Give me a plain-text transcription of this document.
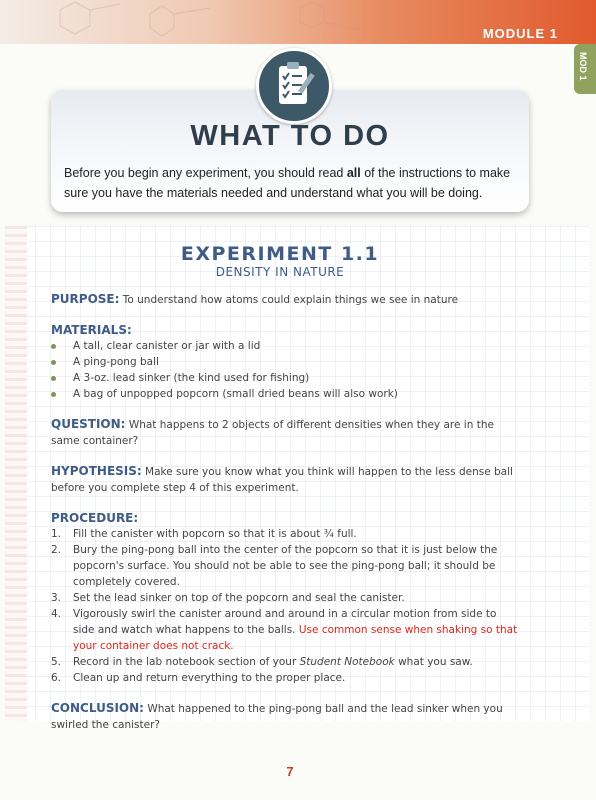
MODULE 1
MOD 1
WHAT TO DO
Before you begin any experiment, you should read all of the instructions to make sure you have the materials needed and understand what you will be doing.
EXPERIMENT 1.1
DENSITY IN NATURE
PURPOSE: To understand how atoms could explain things we see in nature
MATERIALS:
A tall, clear canister or jar with a lid
A ping-pong ball
A 3-oz. lead sinker (the kind used for fishing)
A bag of unpopped popcorn (small dried beans will also work)
QUESTION: What happens to 2 objects of different densities when they are in the same container?
HYPOTHESIS: Make sure you know what you think will happen to the less dense ball before you complete step 4 of this experiment.
PROCEDURE:
1. Fill the canister with popcorn so that it is about ¾ full.
2. Bury the ping-pong ball into the center of the popcorn so that it is just below the popcorn's surface. You should not be able to see the ping-pong ball; it should be completely covered.
3. Set the lead sinker on top of the popcorn and seal the canister.
4. Vigorously swirl the canister around and around in a circular motion from side to side and watch what happens to the balls. Use common sense when shaking so that your container does not crack.
5. Record in the lab notebook section of your Student Notebook what you saw.
6. Clean up and return everything to the proper place.
CONCLUSION: What happened to the ping-pong ball and the lead sinker when you swirled the canister?
7
